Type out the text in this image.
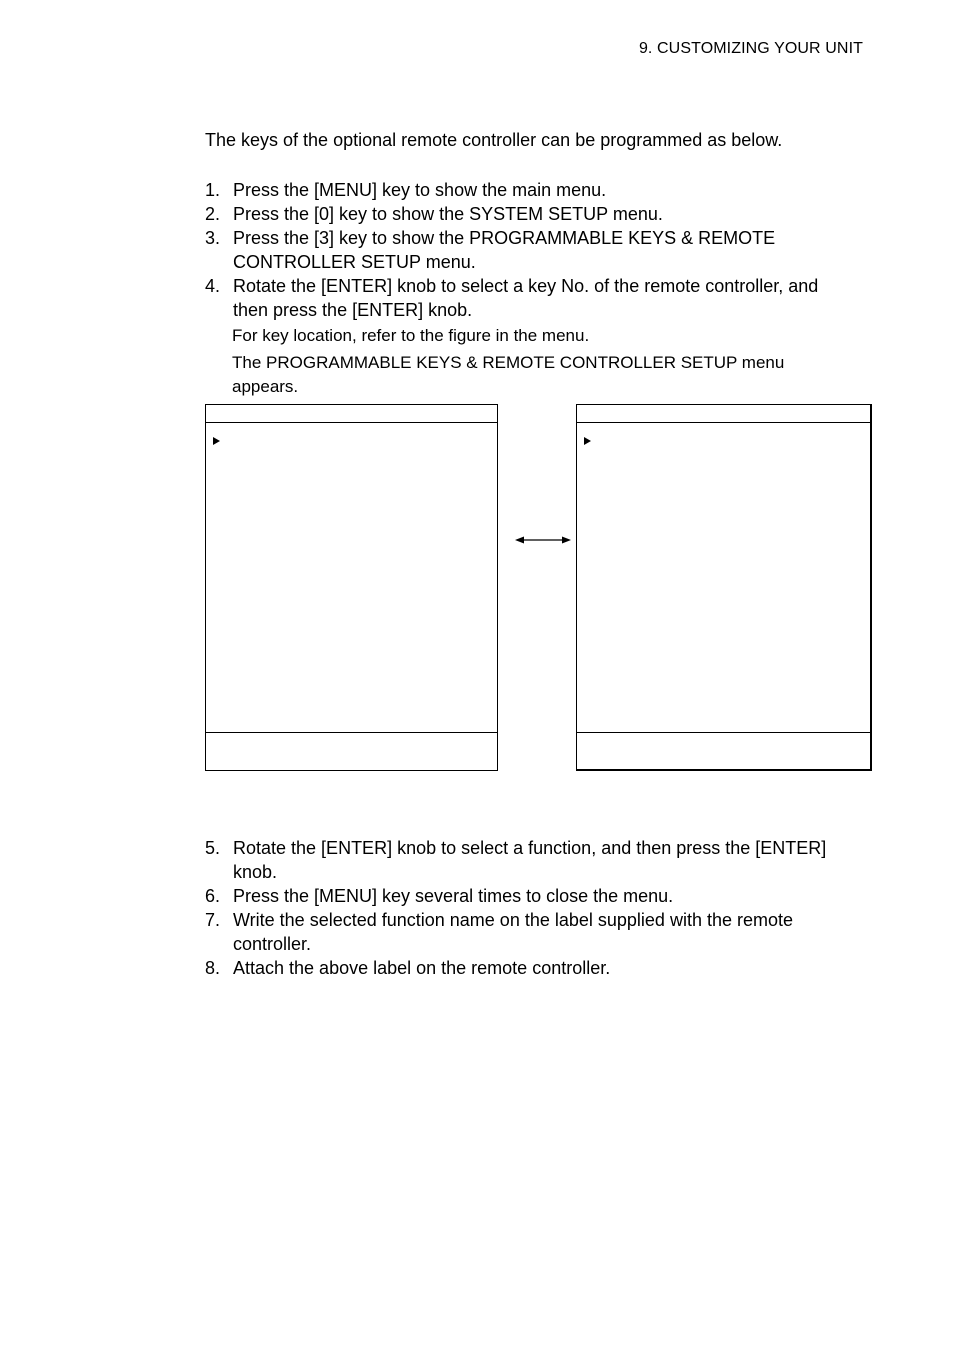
9. CUSTOMIZING YOUR UNIT
The keys of the optional remote controller can be programmed as below.
1. Press the [MENU] key to show the main menu.
2. Press the [0] key to show the SYSTEM SETUP menu.
3. Press the [3] key to show the PROGRAMMABLE KEYS & REMOTE
CONTROLLER SETUP menu.
4. Rotate the [ENTER] knob to select a key No. of the remote controller, and
then press the [ENTER] knob.
For key location, refer to the figure in the menu.
The PROGRAMMABLE KEYS & REMOTE CONTROLLER SETUP menu
appears.
5. Rotate the [ENTER] knob to select a function, and then press the [ENTER]
knob.
6. Press the [MENU] key several times to close the menu.
7. Write the selected function name on the label supplied with the remote
controller.
8. Attach the above label on the remote controller.
